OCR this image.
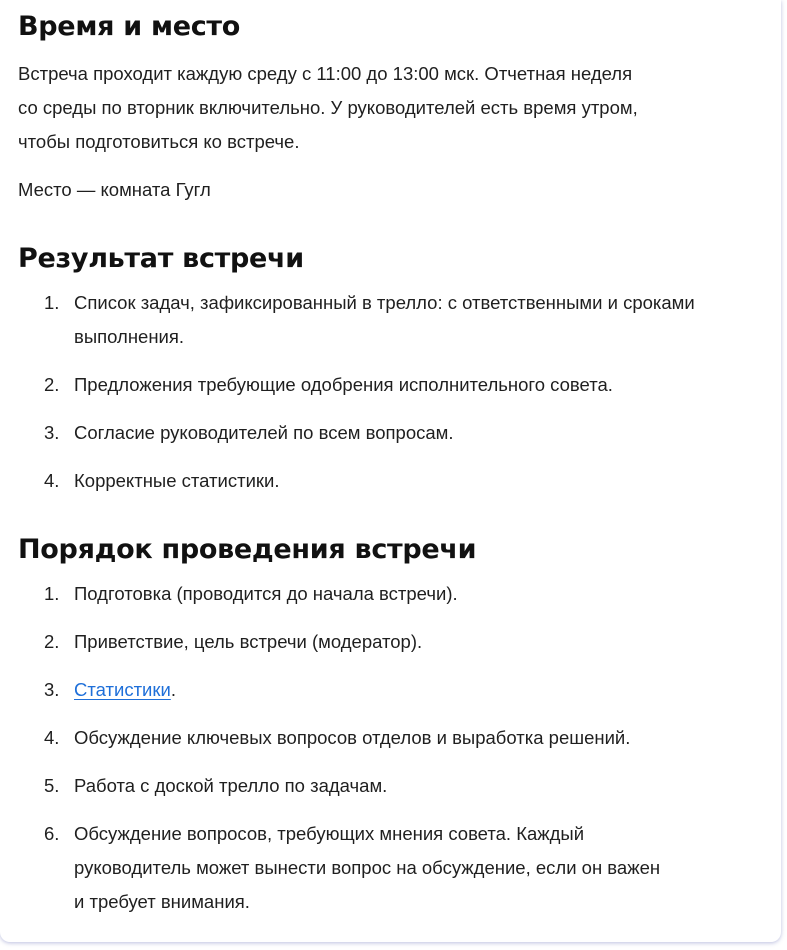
Время и место

Встреча проходит каждую среду с 11:00 до 13:00 мск. Отчетная неделя
со среды по вторник включительно. У руководителей есть время утром,
чтобы подготовиться ко встрече.

Место — комната Гугл

Результат встречи
1. Список задач, зафиксированный в трелло: с ответственными и сроками
выполнения.
2. Предложения требующие одобрения исполнительного совета.
3. Согласие руководителей по всем вопросам.
4. Корректные статистики.
Порядок проведения встречи
1. Подготовка (проводится до начала встречи).
2. Приветствие, цель встречи (модератор).
3. Статистики.
4. Обсуждение ключевых вопросов отделов и выработка решений.
5. Работа с доской трелло по задачам.
6. Обсуждение вопросов, требующих мнения совета. Каждый
руководитель может вынести вопрос на обсуждение, если он важен
и требует внимания.
